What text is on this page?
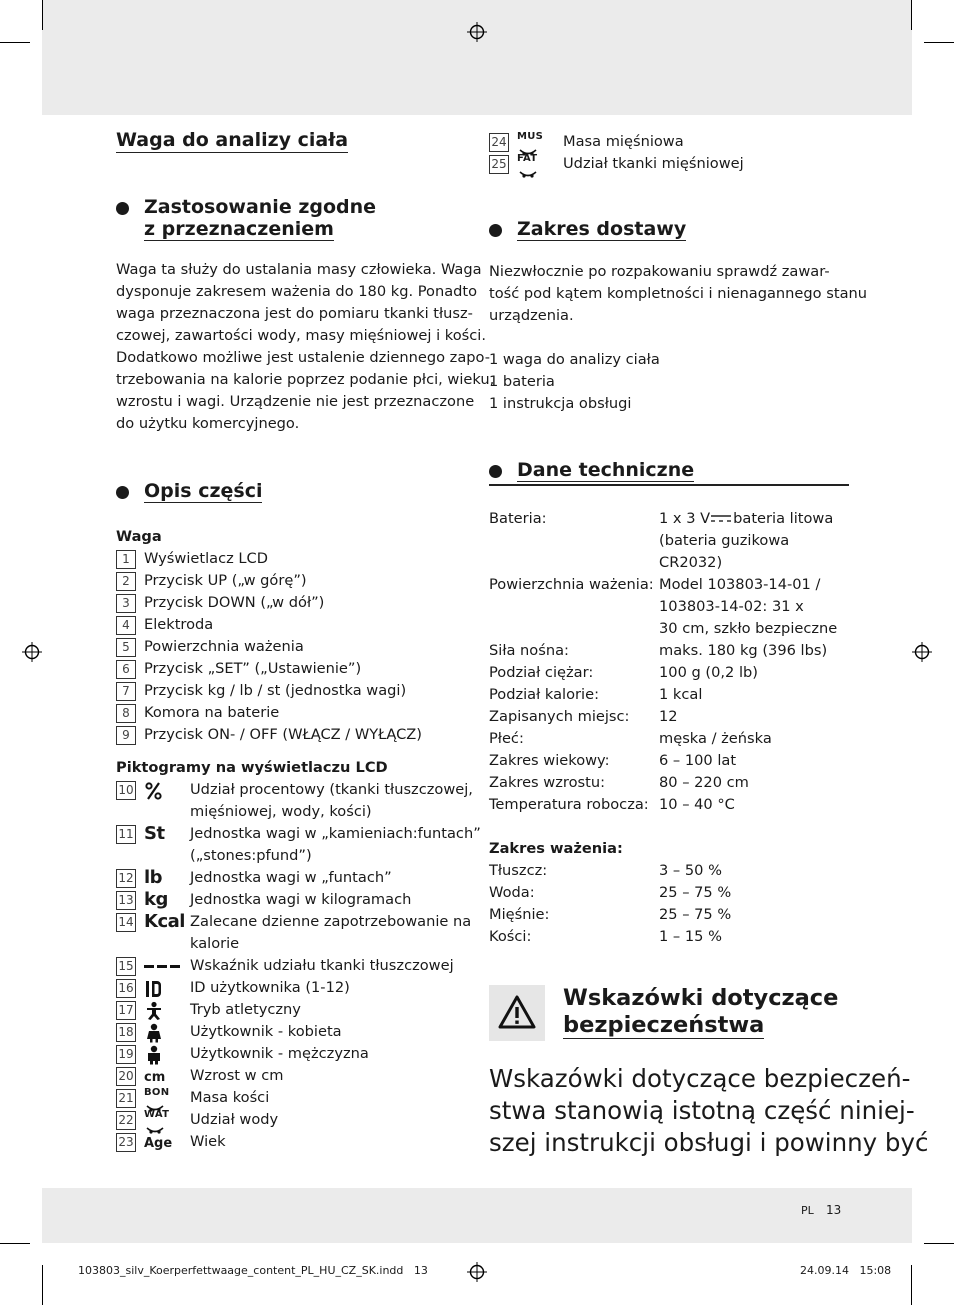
Waga do analizy ciała
Zastosowanie zgodne
z przeznaczeniem
Waga ta służy do ustalania masy człowieka. Waga
dysponuje zakresem ważenia do 180 kg. Ponadto
waga przeznaczona jest do pomiaru tkanki tłusz-
czowej, zawartości wody, masy mięśniowej i kości.
Dodatkowo możliwe jest ustalenie dziennego zapo-
trzebowania na kalorie poprzez podanie płci, wieku,
wzrostu i wagi. Urządzenie nie jest przeznaczone
do użytku komercyjnego.
Opis części
Waga
1 Wyświetlacz LCD
2 Przycisk UP („w górę”)
3 Przycisk DOWN („w dół”)
4 Elektroda
5 Powierzchnia ważenia
6 Przycisk „SET” („Ustawienie”)
7 Przycisk kg / lb / st (jednostka wagi)
8 Komora na baterie
9 Przycisk ON- / OFF (WŁĄCZ / WYŁĄCZ)
Piktogramy na wyświetlaczu LCD
10	Udział procentowy (tkanki tłuszczowej,
mięśniowej, wody, kości)
11 St	Jednostka wagi w „kamieniach:funtach”
(„stones:pfund”)
12 lb	Jednostka wagi w „funtach”
13 kg	Jednostka wagi w kilogramach
14 Kcal Zalecane dzienne zapotrzebowanie na
kalorie
15	Wskaźnik udziału tkanki tłuszczowej
16	ID użytkownika (1-12)
17	Tryb atletyczny
18	Użytkownik - kobieta
19	Użytkownik - mężczyzna
20 cm	Wzrost w cm
21 BON	Masa kości
22 WAT	Udział wody
23 Age	Wiek
24 MUS	Masa mięśniowa
25 FAT	Udział tkanki mięśniowej
Zakres dostawy
Niezwłocznie po rozpakowaniu sprawdź zawar-
tość pod kątem kompletności i nienagannego stanu
urządzenia.
1 waga do analizy ciała
1 bateria
1 instrukcja obsługi
Dane techniczne
Bateria:	1 x 3 V bateria litowa
(bateria guzikowa
CR2032)
Powierzchnia ważenia: Model 103803-14-01 /
103803-14-02: 31 x
30 cm, szkło bezpieczne
Siła nośna:	maks. 180 kg (396 lbs)
Podział ciężar:	100 g (0,2 lb)
Podział kalorie:	1 kcal
Zapisanych miejsc: 12
Płeć:	męska / żeńska
Zakres wiekowy:	6 – 100 lat
Zakres wzrostu:	80 – 220 cm
Temperatura robocza: 10 – 40 °C
Zakres ważenia:
Tłuszcz:	3 – 50 %
Woda:	25 – 75 %
Mięśnie:	25 – 75 %
Kości:	1 – 15 %
Wskazówki dotyczące
bezpieczeństwa
Wskazówki dotyczące bezpieczeń-
stwa stanowią istotną część niniej-
szej instrukcji obsługi i powinny być
PL 13
103803_silv_Koerperfettwaage_content_PL_HU_CZ_SK.indd   13	24.09.14   15:08
